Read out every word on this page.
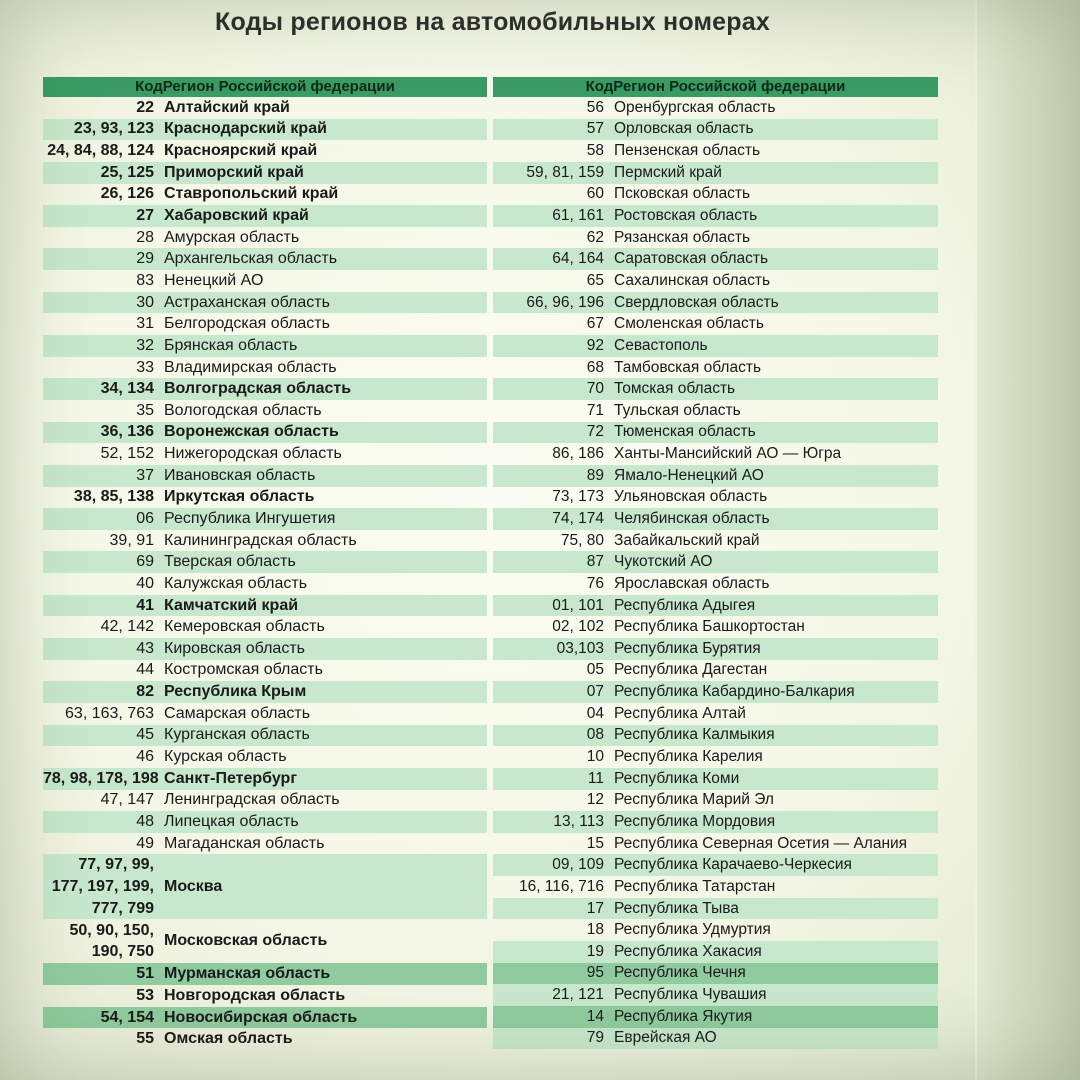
Коды регионов на автомобильных номерах
КодРегион Российской федерации
22 Алтайский край
23, 93, 123 Краснодарский край
24, 84, 88, 124 Красноярский край
25, 125 Приморский край
26, 126 Ставропольский край
27 Хабаровский край
28 Амурская область
29 Архангельская область
83 Ненецкий АО
30 Астраханская область
31 Белгородская область
32 Брянская область
33 Владимирская область
34, 134 Волгоградская область
35 Вологодская область
36, 136 Воронежская область
52, 152 Нижегородская область
37 Ивановская область
38, 85, 138 Иркутская область
06 Республика Ингушетия
39, 91 Калининградская область
69 Тверская область
40 Калужская область
41 Камчатский край
42, 142 Кемеровская область
43 Кировская область
44 Костромская область
82 Республика Крым
63, 163, 763 Самарская область
45 Курганская область
46 Курская область
78, 98, 178, 198 Санкт-Петербург
47, 147 Ленинградская область
48 Липецкая область
49 Магаданская область
77, 97, 99, 177, 197, 199, 777, 799
Москва
50, 90, 150, 190, 750
Московская область
51 Мурманская область
53 Новгородская область
54, 154 Новосибирская область
55 Омская область
КодРегион Российской федерации
56 Оренбургская область
57 Орловская область
58 Пензенская область
59, 81, 159 Пермский край
60 Псковская область
61, 161 Ростовская область
62 Рязанская область
64, 164 Саратовская область
65 Сахалинская область
66, 96, 196 Свердловская область
67 Смоленская область
92 Севастополь
68 Тамбовская область
70 Томская область
71 Тульская область
72 Тюменская область
86, 186 Ханты-Мансийский АО — Югра
89 Ямало-Ненецкий АО
73, 173 Ульяновская область
74, 174 Челябинская область
75, 80 Забайкальский край
87 Чукотский АО
76 Ярославская область
01, 101 Республика Адыгея
02, 102 Республика Башкортостан
03,103 Республика Бурятия
05 Республика Дагестан
07 Республика Кабардино-Балкария
04 Республика Алтай
08 Республика Калмыкия
10 Республика Карелия
11 Республика Коми
12 Республика Марий Эл
13, 113 Республика Мордовия
15 Республика Северная Осетия — Алания
09, 109 Республика Карачаево-Черкесия
16, 116, 716 Республика Татарстан
17 Республика Тыва
18 Республика Удмуртия
19 Республика Хакасия
95 Республика Чечня
21, 121 Республика Чувашия
14 Республика Якутия
79 Еврейская АО
